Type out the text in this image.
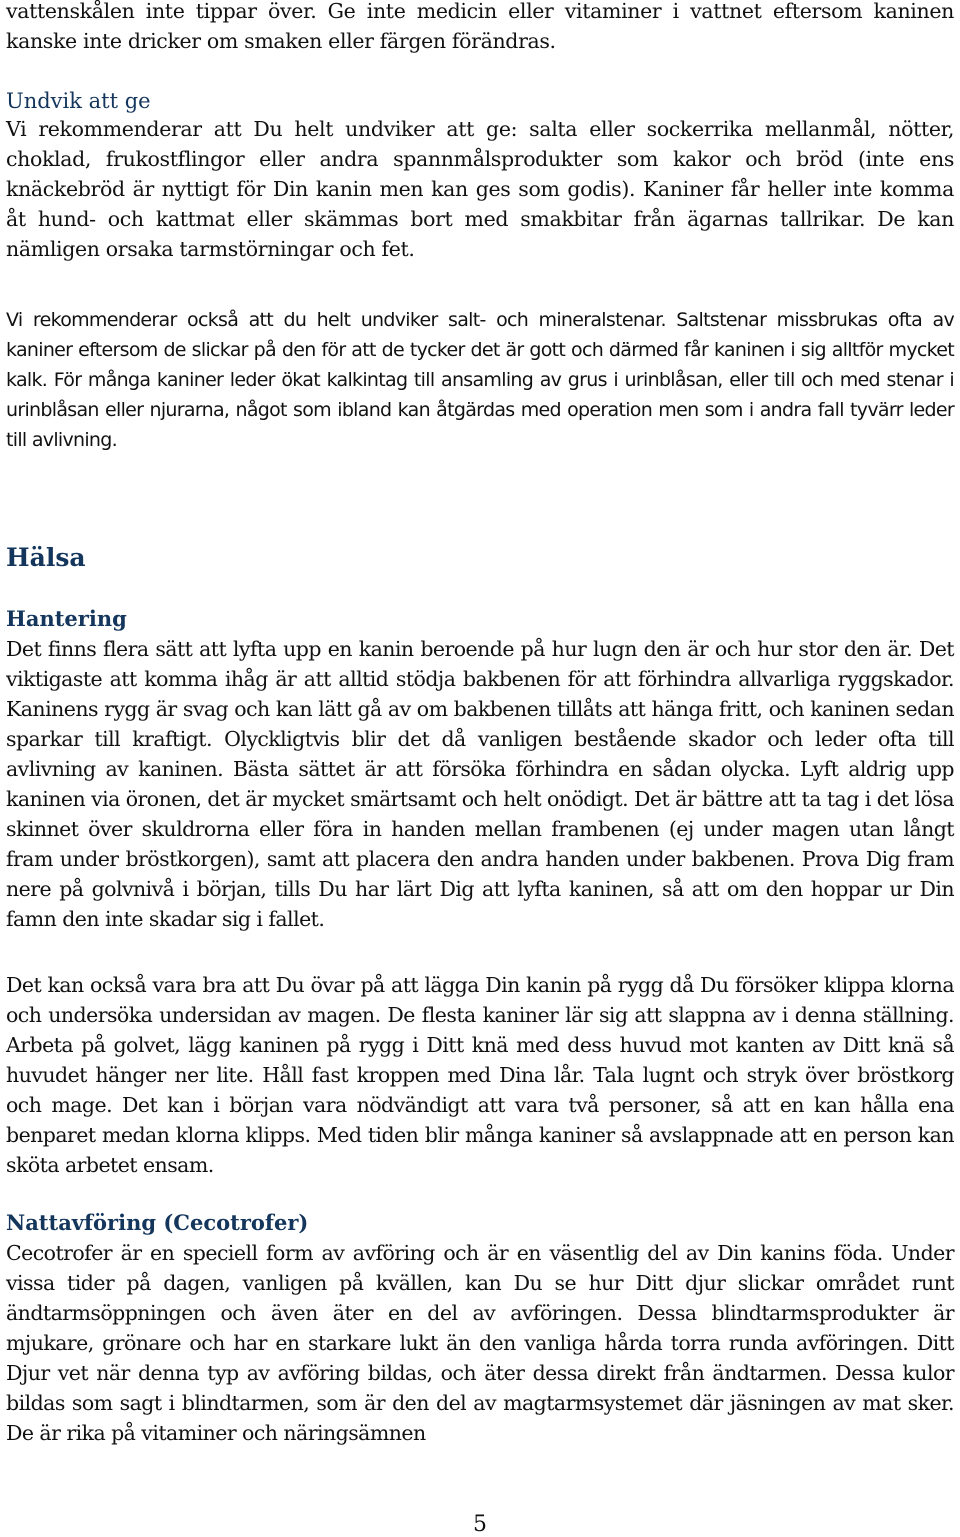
vattenskålen inte tippar över. Ge inte medicin eller vitaminer i vattnet eftersom kaninen kanske inte dricker om smaken eller färgen förändras.

Undvik att ge

Vi rekommenderar att Du helt undviker att ge: salta eller sockerrika mellanmål, nötter, choklad, frukostflingor eller andra spannmålsprodukter som kakor och bröd (inte ens knäckebröd är nyttigt för Din kanin men kan ges som godis). Kaniner får heller inte komma åt hund- och kattmat eller skämmas bort med smakbitar från ägarnas tallrikar. De kan nämligen orsaka tarmstörningar och fet.

Vi rekommenderar också att du helt undviker salt- och mineralstenar. Saltstenar missbrukas ofta av kaniner eftersom de slickar på den för att de tycker det är gott och därmed får kaninen i sig alltför mycket kalk. För många kaniner leder ökat kalkintag till ansamling av grus i urinblåsan, eller till och med stenar i urinblåsan eller njurarna, något som ibland kan åtgärdas med operation men som i andra fall tyvärr leder till avlivning.

Hälsa
Hantering

Det finns flera sätt att lyfta upp en kanin beroende på hur lugn den är och hur stor den är. Det viktigaste att komma ihåg är att alltid stödja bakbenen för att förhindra allvarliga ryggskador. Kaninens rygg är svag och kan lätt gå av om bakbenen tillåts att hänga fritt, och kaninen sedan sparkar till kraftigt. Olyckligtvis blir det då vanligen bestående skador och leder ofta till avlivning av kaninen. Bästa sättet är att försöka förhindra en sådan olycka. Lyft aldrig upp kaninen via öronen, det är mycket smärtsamt och helt onödigt. Det är bättre att ta tag i det lösa skinnet över skuldrorna eller föra in handen mellan frambenen (ej under magen utan långt fram under bröstkorgen), samt att placera den andra handen under bakbenen. Prova Dig fram nere på golvnivå i början, tills Du har lärt Dig att lyfta kaninen, så att om den hoppar ur Din famn den inte skadar sig i fallet.

Det kan också vara bra att Du övar på att lägga Din kanin på rygg då Du försöker klippa klorna och undersöka undersidan av magen. De flesta kaniner lär sig att slappna av i denna ställning. Arbeta på golvet, lägg kaninen på rygg i Ditt knä med dess huvud mot kanten av Ditt knä så huvudet hänger ner lite. Håll fast kroppen med Dina lår. Tala lugnt och stryk över bröstkorg och mage. Det kan i början vara nödvändigt att vara två personer, så att en kan hålla ena benparet medan klorna klipps. Med tiden blir många kaniner så avslappnade att en person kan sköta arbetet ensam.

Nattavföring (Cecotrofer)

Cecotrofer är en speciell form av avföring och är en väsentlig del av Din kanins föda. Under vissa tider på dagen, vanligen på kvällen, kan Du se hur Ditt djur slickar området runt ändtarmsöppningen och även äter en del av avföringen. Dessa blindtarmsprodukter är mjukare, grönare och har en starkare lukt än den vanliga hårda torra runda avföringen. Ditt Djur vet när denna typ av avföring bildas, och äter dessa direkt från ändtarmen. Dessa kulor bildas som sagt i blindtarmen, som är den del av magtarmsystemet där jäsningen av mat sker. De är rika på vitaminer och näringsämnen

5
